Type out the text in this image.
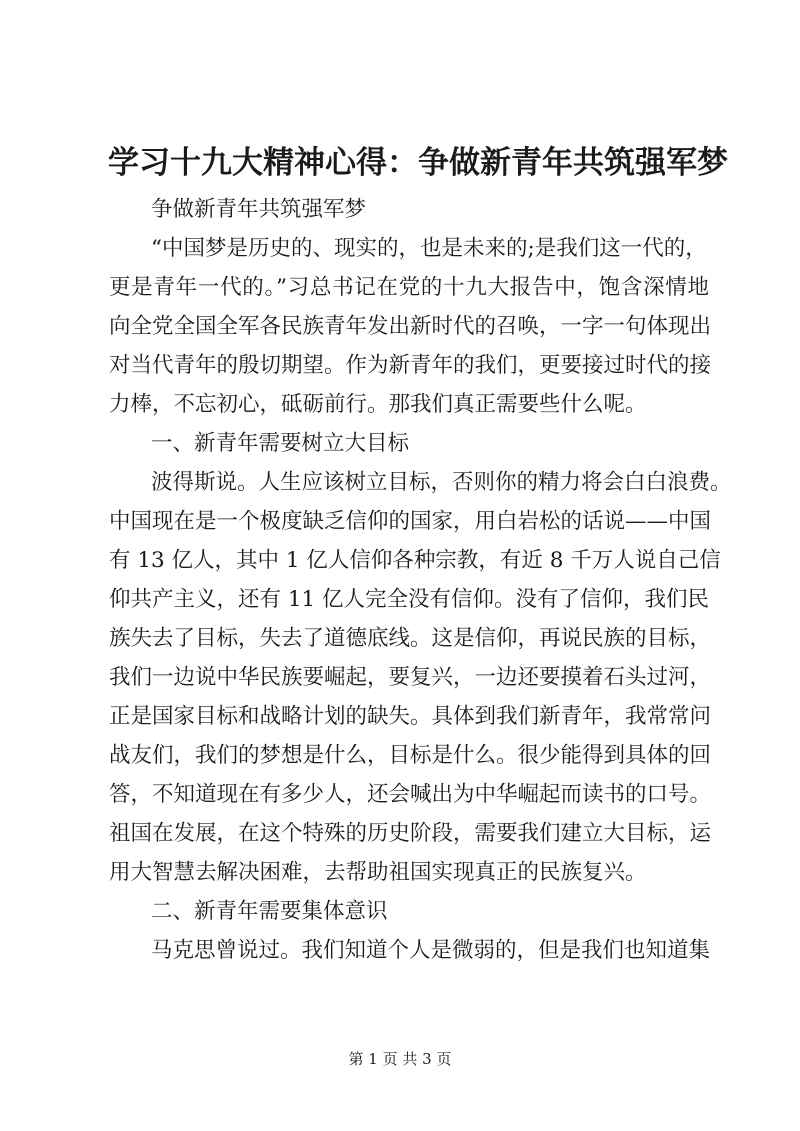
学习十九大精神心得：争做新青年共筑强军梦
争做新青年共筑强军梦
“中国梦是历史的、现实的，也是未来的;是我们这一代的，
更是青年一代的。”习总书记在党的十九大报告中，饱含深情地
向全党全国全军各民族青年发出新时代的召唤，一字一句体现出
对当代青年的殷切期望。作为新青年的我们，更要接过时代的接
力棒，不忘初心，砥砺前行。那我们真正需要些什么呢。
一、新青年需要树立大目标
波得斯说。人生应该树立目标，否则你的精力将会白白浪费。
中国现在是一个极度缺乏信仰的国家，用白岩松的话说——中国
有 13 亿人，其中 1 亿人信仰各种宗教，有近 8 千万人说自己信
仰共产主义，还有 11 亿人完全没有信仰。没有了信仰，我们民
族失去了目标，失去了道德底线。这是信仰，再说民族的目标，
我们一边说中华民族要崛起，要复兴，一边还要摸着石头过河，
正是国家目标和战略计划的缺失。具体到我们新青年，我常常问
战友们，我们的梦想是什么，目标是什么。很少能得到具体的回
答，不知道现在有多少人，还会喊出为中华崛起而读书的口号。
祖国在发展，在这个特殊的历史阶段，需要我们建立大目标，运
用大智慧去解决困难，去帮助祖国实现真正的民族复兴。
二、新青年需要集体意识
马克思曾说过。我们知道个人是微弱的，但是我们也知道集
第 1 页 共 3 页
